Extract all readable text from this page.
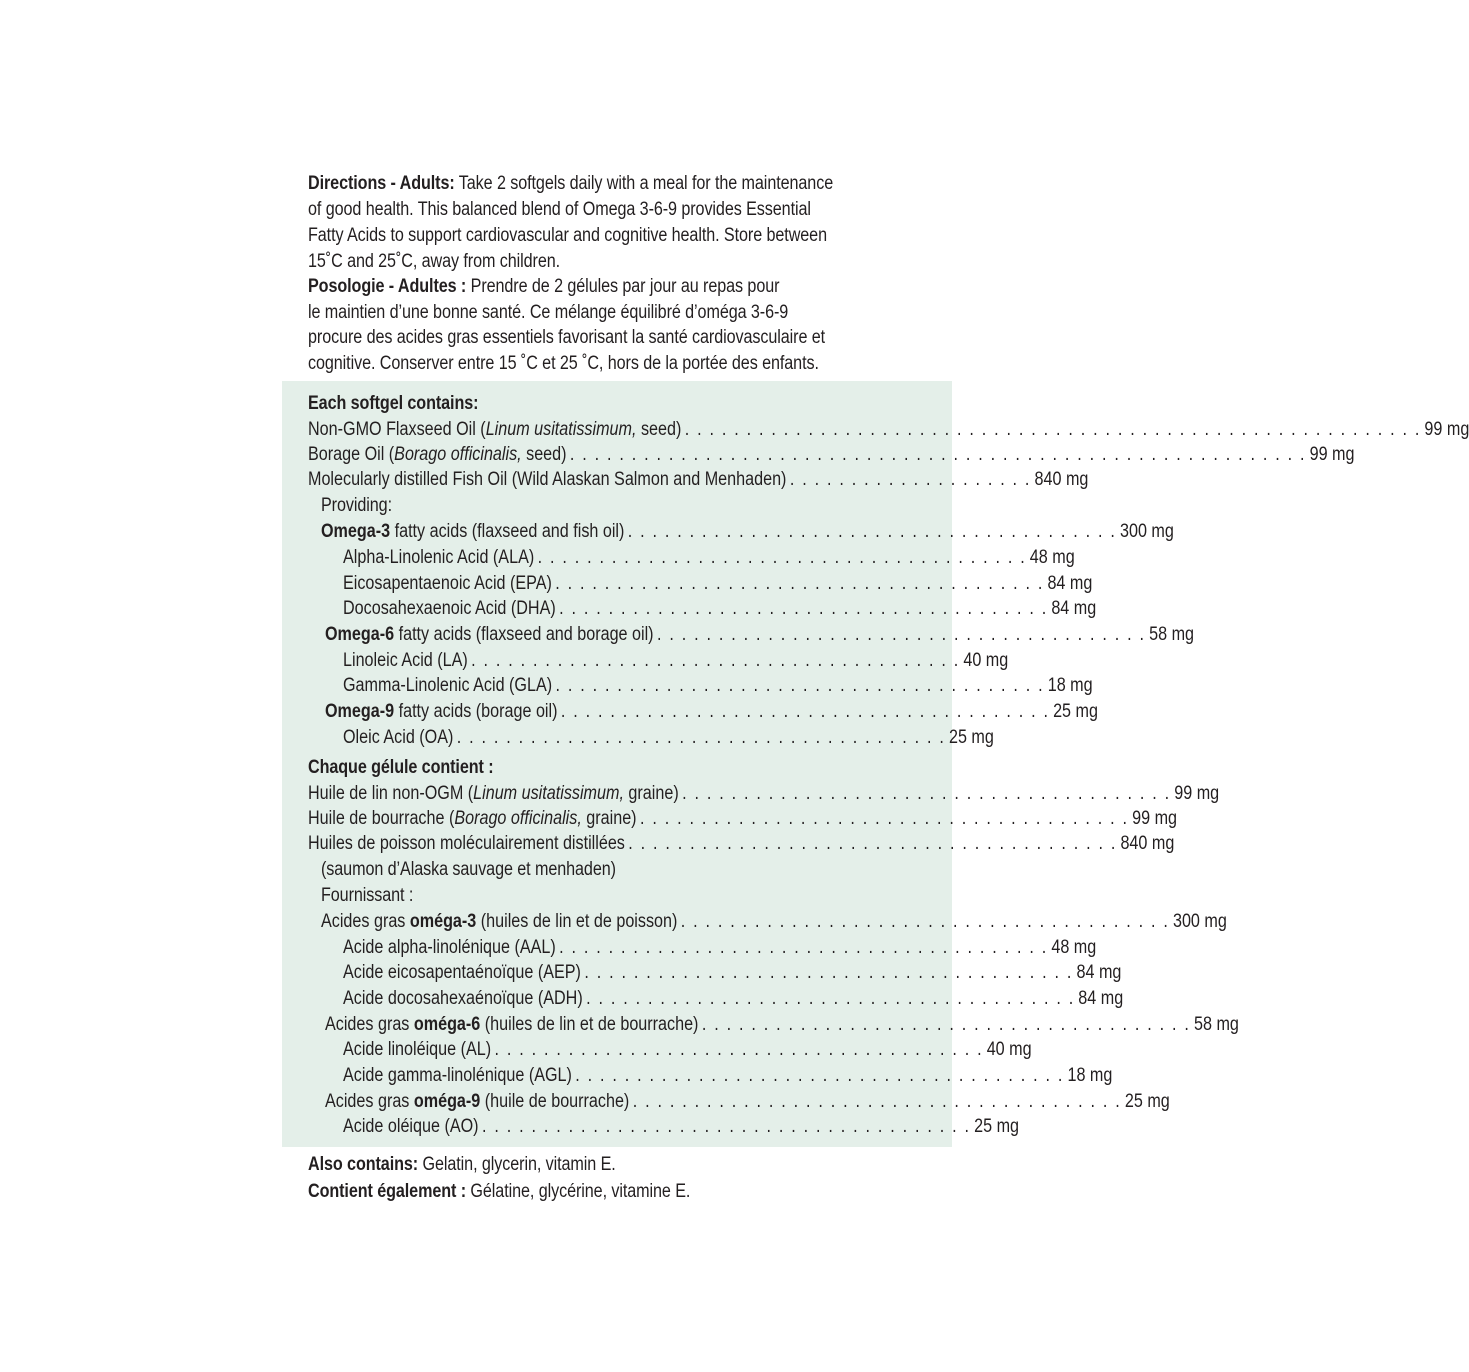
Directions - Adults: Take 2 softgels daily with a meal for the maintenance
of good health. This balanced blend of Omega 3-6-9 provides Essential
Fatty Acids to support cardiovascular and cognitive health. Store between
15˚C and 25˚C, away from children.
Posologie - Adultes : Prendre de 2 gélules par jour au repas pour
le maintien d’une bonne santé. Ce mélange équilibré d’oméga 3-6-9
procure des acides gras essentiels favorisant la santé cardiovasculaire et
cognitive. Conserver entre 15 ˚C et 25 ˚C, hors de la portée des enfants.
Each softgel contains:
Non-GMO Flaxseed Oil (Linum usitatissimum, seed) . . . . . . . . . . . . . . . . . . . . . . . . . . . . . . . . . . . . . . . . . . . . . . . . . . . . . . . . . . . . 99 mg
Borage Oil (Borago officinalis, seed) . . . . . . . . . . . . . . . . . . . . . . . . . . . . . . . . . . . . . . . . . . . . . . . . . . . . . . . . . . . . 99 mg
Molecularly distilled Fish Oil (Wild Alaskan Salmon and Menhaden) . . . . . . . . . . . . . . . . . . . . 840 mg
Providing:
Omega-3 fatty acids (flaxseed and fish oil) . . . . . . . . . . . . . . . . . . . . . . . . . . . . . . . . . . . . . . . . 300 mg
Alpha-Linolenic Acid (ALA) . . . . . . . . . . . . . . . . . . . . . . . . . . . . . . . . . . . . . . . . 48 mg
Eicosapentaenoic Acid (EPA) . . . . . . . . . . . . . . . . . . . . . . . . . . . . . . . . . . . . . . . . 84 mg
Docosahexaenoic Acid (DHA) . . . . . . . . . . . . . . . . . . . . . . . . . . . . . . . . . . . . . . . . 84 mg
Omega-6 fatty acids (flaxseed and borage oil) . . . . . . . . . . . . . . . . . . . . . . . . . . . . . . . . . . . . . . . . 58 mg
Linoleic Acid (LA) . . . . . . . . . . . . . . . . . . . . . . . . . . . . . . . . . . . . . . . . 40 mg
Gamma-Linolenic Acid (GLA) . . . . . . . . . . . . . . . . . . . . . . . . . . . . . . . . . . . . . . . . 18 mg
Omega-9 fatty acids (borage oil) . . . . . . . . . . . . . . . . . . . . . . . . . . . . . . . . . . . . . . . . 25 mg
Oleic Acid (OA) . . . . . . . . . . . . . . . . . . . . . . . . . . . . . . . . . . . . . . . . 25 mg
Chaque gélule contient :
Huile de lin non-OGM (Linum usitatissimum, graine) . . . . . . . . . . . . . . . . . . . . . . . . . . . . . . . . . . . . . . . . 99 mg
Huile de bourrache (Borago officinalis, graine) . . . . . . . . . . . . . . . . . . . . . . . . . . . . . . . . . . . . . . . . 99 mg
Huiles de poisson moléculairement distillées . . . . . . . . . . . . . . . . . . . . . . . . . . . . . . . . . . . . . . . . 840 mg
(saumon d’Alaska sauvage et menhaden)
Fournissant :
Acides gras oméga-3 (huiles de lin et de poisson) . . . . . . . . . . . . . . . . . . . . . . . . . . . . . . . . . . . . . . . . 300 mg
Acide alpha-linolénique (AAL) . . . . . . . . . . . . . . . . . . . . . . . . . . . . . . . . . . . . . . . . 48 mg
Acide eicosapentaénoïque (AEP) . . . . . . . . . . . . . . . . . . . . . . . . . . . . . . . . . . . . . . . . 84 mg
Acide docosahexaénoïque (ADH) . . . . . . . . . . . . . . . . . . . . . . . . . . . . . . . . . . . . . . . . 84 mg
Acides gras oméga-6 (huiles de lin et de bourrache) . . . . . . . . . . . . . . . . . . . . . . . . . . . . . . . . . . . . . . . . 58 mg
Acide linoléique (AL) . . . . . . . . . . . . . . . . . . . . . . . . . . . . . . . . . . . . . . . . 40 mg
Acide gamma-linolénique (AGL) . . . . . . . . . . . . . . . . . . . . . . . . . . . . . . . . . . . . . . . . 18 mg
Acides gras oméga-9 (huile de bourrache) . . . . . . . . . . . . . . . . . . . . . . . . . . . . . . . . . . . . . . . . 25 mg
Acide oléique (AO) . . . . . . . . . . . . . . . . . . . . . . . . . . . . . . . . . . . . . . . . 25 mg
Also contains: Gelatin, glycerin, vitamin E.
Contient également : Gélatine, glycérine, vitamine E.
